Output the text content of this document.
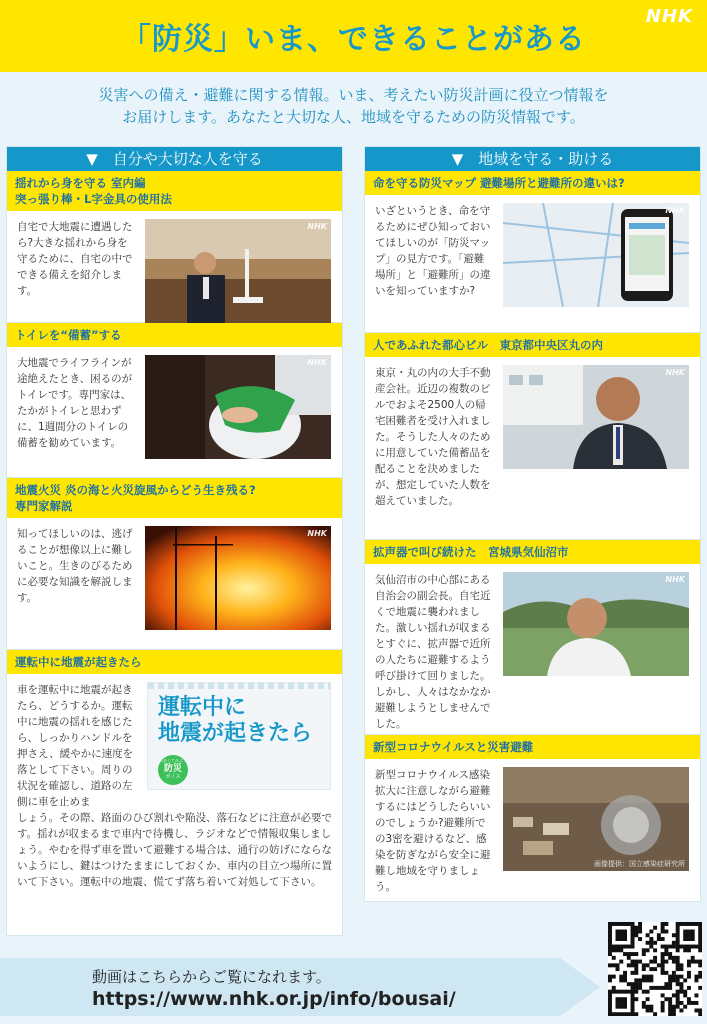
「防災」いま、できることがある
NHK
災害への備え・避難に関する情報。いま、考えたい防災計画に役立つ情報を
お届けします。あなたと大切な人、地域を守るための防災情報です。
▼　自分や大切な人を守る
揺れから身を守る 室内編
突っ張り棒・L字金具の使用法
自宅で大地震に遭遇したら?大きな揺れから身を守るために、自宅の中でできる備えを紹介します。
NHK
トイレを“備蓄”する
大地震でライフラインが途絶えたとき、困るのがトイレです。専門家は、たかがトイレと思わずに、1週間分のトイレの備蓄を勧めています。
NHK
地震火災 炎の海と火災旋風からどう生き残る?
専門家解説
知ってほしいのは、逃げることが想像以上に難しいこと。生きのびるために必要な知識を解説します。
NHK
運転中に地震が起きたら
車を運転中に地震が起きたら、どうするか。運転中に地震の揺れを感じたら、しっかりハンドルを押さえ、緩やかに速度を落として下さい。周りの状況を確認し、道路の左側に車を止めま
しょう。その際、路面のひび割れや陥没、落石などに注意が必要です。揺れが収まるまで車内で待機し、ラジオなどで情報収集しましょう。やむを得ず車を置いて避難する場合は、通行の妨げにならないようにし、鍵はつけたままにしておくか、車内の目立つ場所に置いて下さい。運転中の地震、慌てず落ち着いて対処して下さい。
運転中に
地震が起きたら
ためしてみよう
防災
ポイス
▼　地域を守る・助ける
命を守る防災マップ 避難場所と避難所の違いは?
いざというとき、命を守るためにぜひ知っておいてほしいのが「防災マップ」の見方です。「避難場所」と「避難所」の違いを知っていますか?
NHK
人であふれた都心ビル　東京都中央区丸の内
東京・丸の内の大手不動産会社。近辺の複数のビルでおよそ2500人の帰宅困難者を受け入れました。そうした人々のために用意していた備蓄品を配ることを決めましたが、想定していた人数を超えていました。
NHK
拡声器で叫び続けた　宮城県気仙沼市
気仙沼市の中心部にある自治会の副会長。自宅近くで地震に襲われました。激しい揺れが収まるとすぐに、拡声器で近所の人たちに避難するよう呼び掛けて回りました。しかし、人々はなかなか避難しようとしませんでした。
NHK
新型コロナウイルスと災害避難
新型コロナウイルス感染拡大に注意しながら避難するにはどうしたらいいのでしょうか?避難所での3密を避けるなど、感染を防ぎながら安全に避難し地域を守りましょう。
画像提供：国立感染症研究所
動画はこちらからご覧になれます。
https://www.nhk.or.jp/info/bousai/
